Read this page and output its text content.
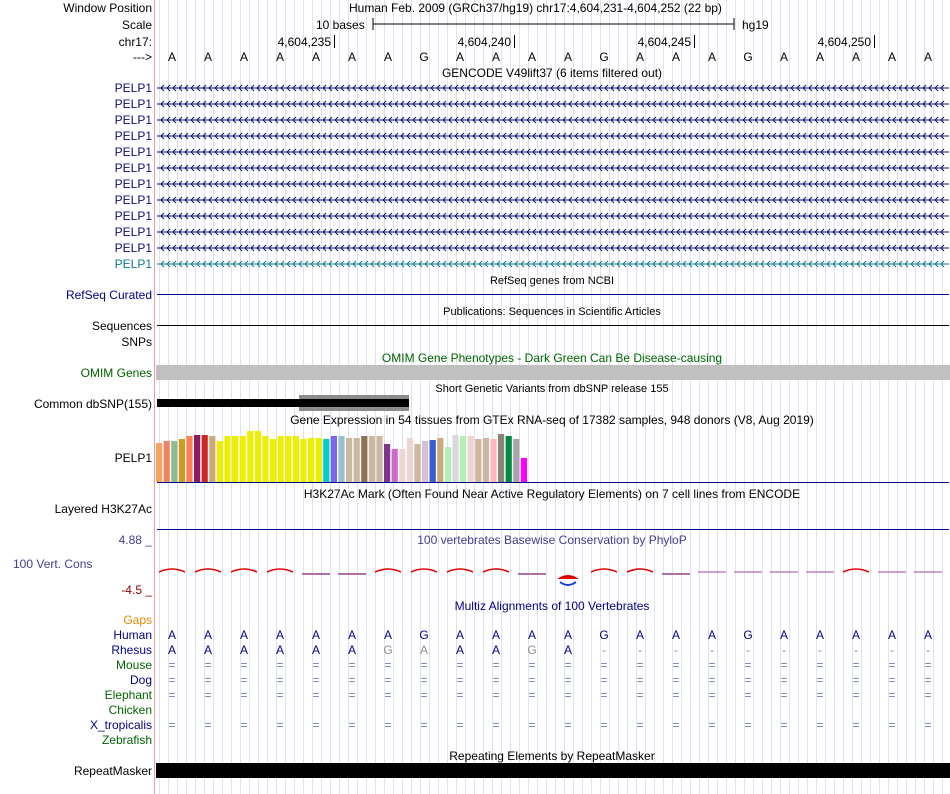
Window Position	Human Feb. 2009 (GRCh37/hg19) chr17:4,604,231-4,604,252 (22 bp)
Scale	10 bases	hg19
chr17:	4,604,235	4,604,240	4,604,245	4,604,250
--->	A	A	A	A	A	A	A	G	A	A	A	A	G	A	A	A	G	A	A	A	A	A
GENCODE V49lift37 (6 items filtered out)
PELP1
PELP1
PELP1
PELP1
PELP1
PELP1
PELP1
PELP1
PELP1
PELP1
PELP1
PELP1
RefSeq genes from NCBI
RefSeq Curated
Publications: Sequences in Scientific Articles
Sequences
SNPs
OMIM Gene Phenotypes - Dark Green Can Be Disease-causing
OMIM Genes
Short Genetic Variants from dbSNP release 155
Common dbSNP(155)
Gene Expression in 54 tissues from GTEx RNA-seq of 17382 samples, 948 donors (V8, Aug 2019)
PELP1
H3K27Ac Mark (Often Found Near Active Regulatory Elements) on 7 cell lines from ENCODE
Layered H3K27Ac
100 vertebrates Basewise Conservation by PhyloP
4.88 _
100 Vert. Cons
-4.5 _
Multiz Alignments of 100 Vertebrates
Gaps
Human	A	A	A	A	A	A	A	G	A	A	A	A	G	A	A	A	G	A	A	A	A	A
Rhesus	A	A	A	A	A	A	G	A	A	A	G	A	-	-	-	-	-	-	-	-	-	-
Mouse	=	=	=	=	=	=	=	=	=	=	=	=	=	=	=	=	=	=	=	=	=	=
Dog	=	=	=	=	=	=	=	=	=	=	=	=	=	=	=	=	=	=	=	=	=	=
Elephant	=	=	=	=	=	=	=	=	=	=	=	=	=	=	=	=	=	=	=	=	=	=
Chicken
X_tropicalis	=	=	=	=	=	=	=	=	=	=	=	=	=	=	=	=	=	=	=	=	=	=
Zebrafish
Repeating Elements by RepeatMasker
RepeatMasker
